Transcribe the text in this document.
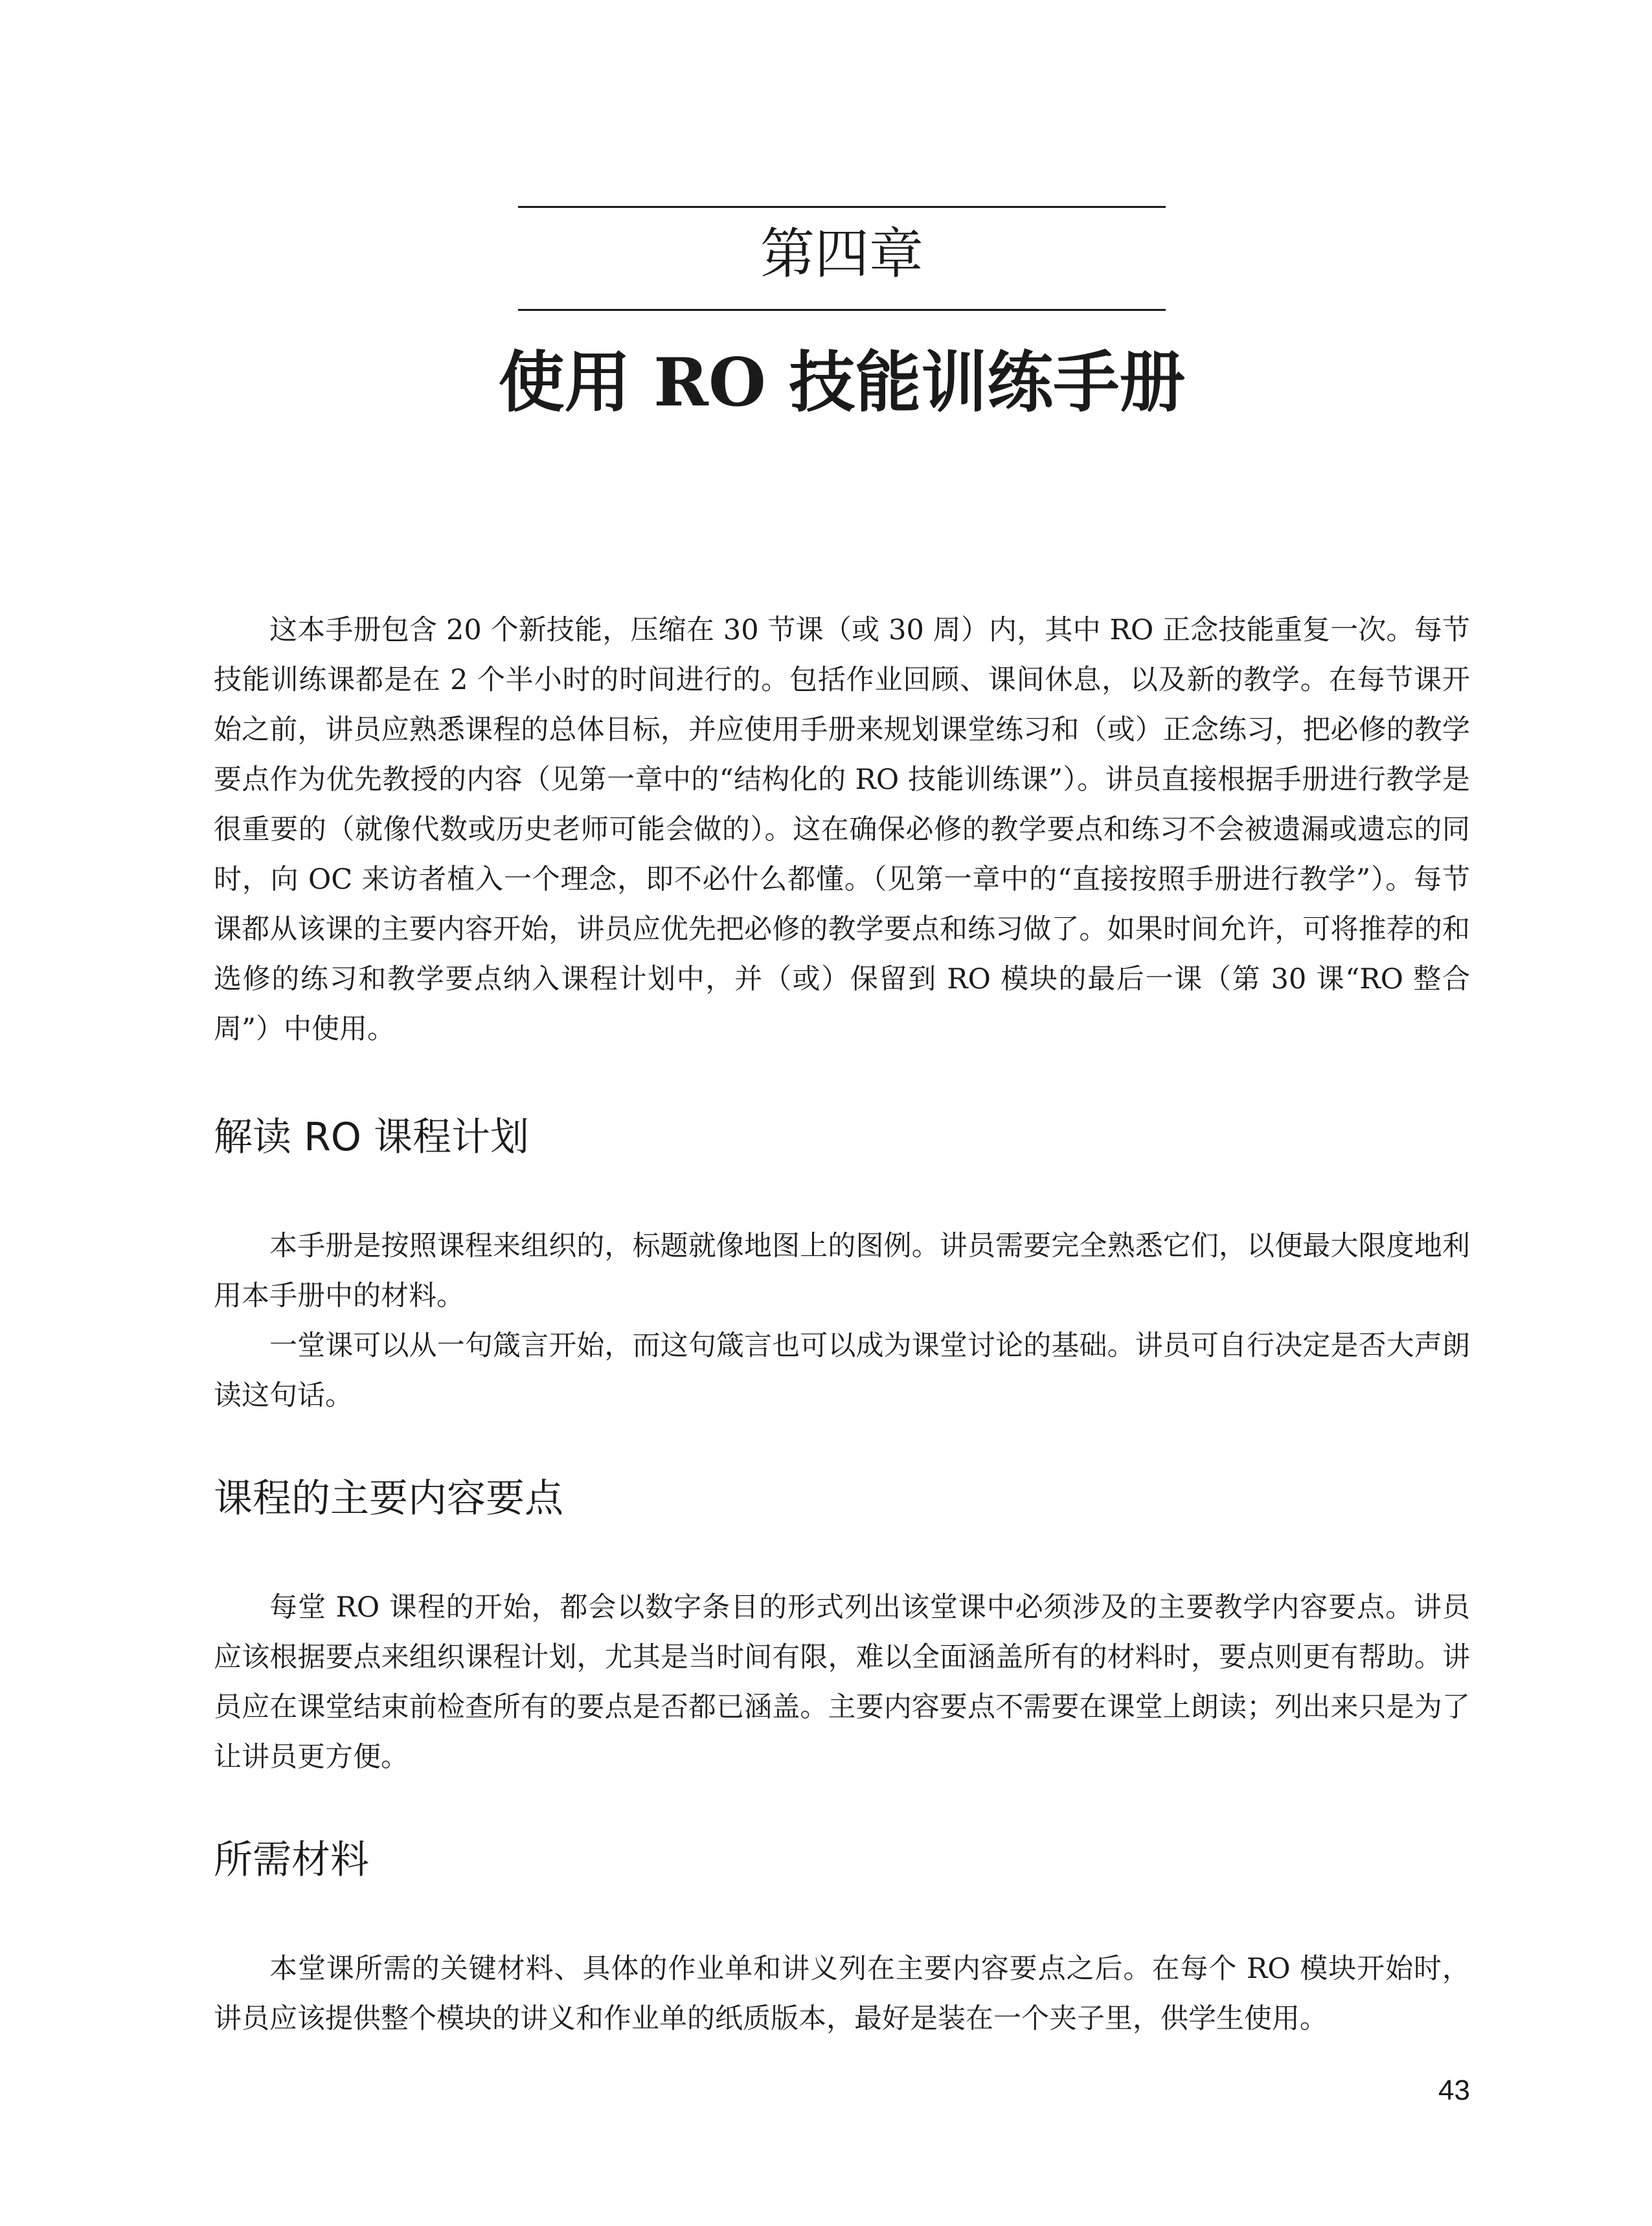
第四章
使用 RO 技能训练手册

这本手册包含 20 个新技能，压缩在 30 节课（或 30 周）内，其中 RO 正念技能重复一次。每节技能训练课都是在 2 个半小时的时间进行的。包括作业回顾、课间休息，以及新的教学。在每节课开始之前，讲员应熟悉课程的总体目标，并应使用手册来规划课堂练习和（或）正念练习，把必修的教学要点作为优先教授的内容（见第一章中的“结构化的 RO 技能训练课”）。讲员直接根据手册进行教学是很重要的（就像代数或历史老师可能会做的）。这在确保必修的教学要点和练习不会被遗漏或遗忘的同时，向 OC 来访者植入一个理念，即不必什么都懂。（见第一章中的“直接按照手册进行教学”）。每节课都从该课的主要内容开始，讲员应优先把必修的教学要点和练习做了。如果时间允许，可将推荐的和选修的练习和教学要点纳入课程计划中，并（或）保留到 RO 模块的最后一课（第 30 课“RO 整合周”）中使用。

解读 RO 课程计划

本手册是按照课程来组织的，标题就像地图上的图例。讲员需要完全熟悉它们，以便最大限度地利用本手册中的材料。

一堂课可以从一句箴言开始，而这句箴言也可以成为课堂讨论的基础。讲员可自行决定是否大声朗读这句话。

课程的主要内容要点

每堂 RO 课程的开始，都会以数字条目的形式列出该堂课中必须涉及的主要教学内容要点。讲员应该根据要点来组织课程计划，尤其是当时间有限，难以全面涵盖所有的材料时，要点则更有帮助。讲员应在课堂结束前检查所有的要点是否都已涵盖。主要内容要点不需要在课堂上朗读；列出来只是为了让讲员更方便。

所需材料

本堂课所需的关键材料、具体的作业单和讲义列在主要内容要点之后。在每个 RO 模块开始时，讲员应该提供整个模块的讲义和作业单的纸质版本，最好是装在一个夹子里，供学生使用。

43
